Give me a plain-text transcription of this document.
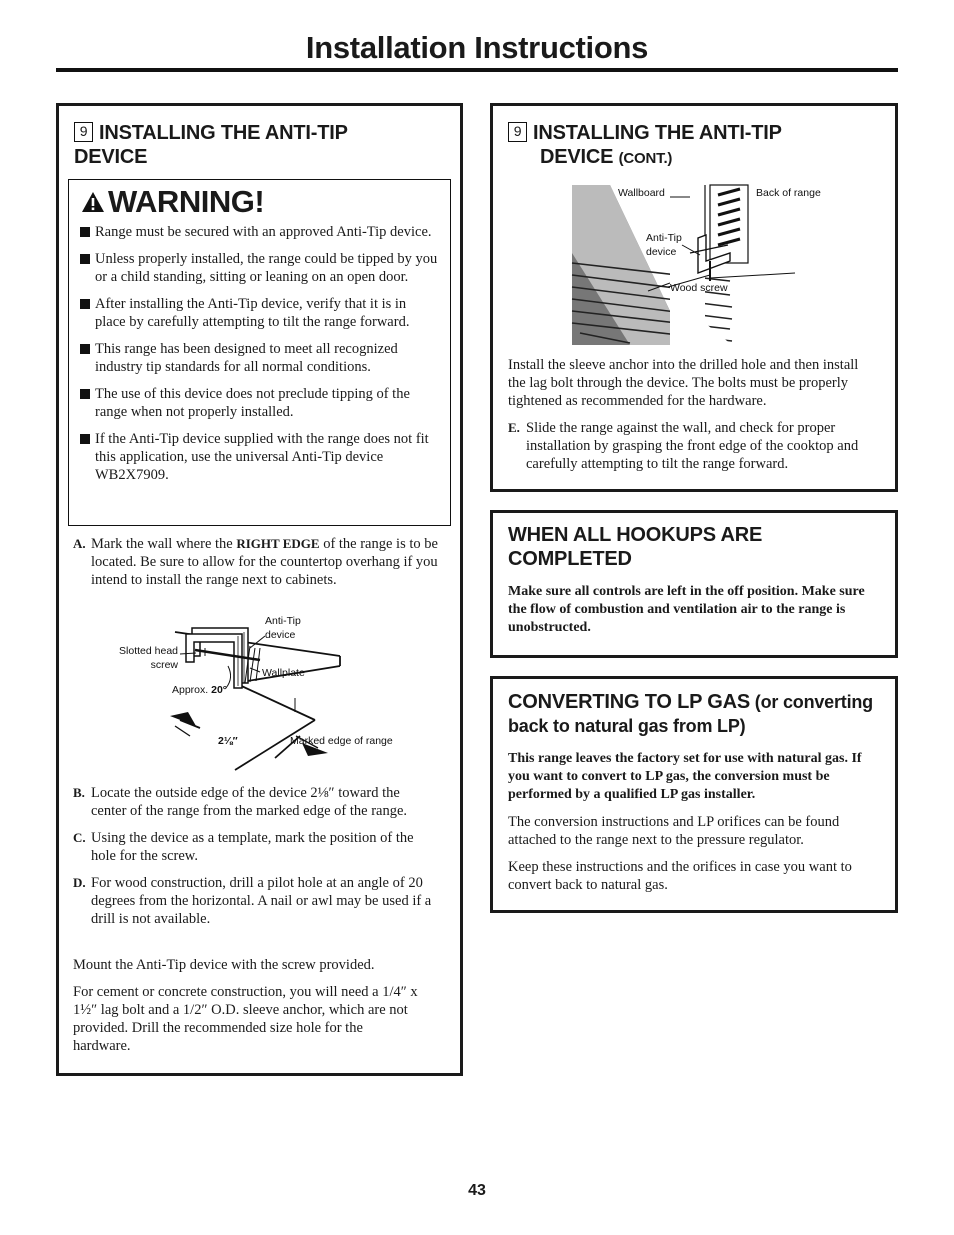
Installation Instructions
9 INSTALLING THE ANTI-TIP DEVICE
WARNING!
Range must be secured with an approved Anti-Tip device.
Unless properly installed, the range could be tipped by you or a child standing, sitting or leaning on an open door.
After installing the Anti-Tip device, verify that it is in place by carefully attempting to tilt the range forward.
This range has been designed to meet all recognized industry tip standards for all normal conditions.
The use of this device does not preclude tipping of the range when not properly installed.
If the Anti-Tip device supplied with the range does not fit this application, use the universal Anti-Tip device WB2X7909.
A. Mark the wall where the RIGHT EDGE of the range is to be located. Be sure to allow for the countertop overhang if you intend to install the range next to cabinets.
Anti-Tip
device
Slotted head
screw
Wallplate
Approx. 20°
2⅛″	Marked edge of range
B. Locate the outside edge of the device 2⅛″ toward the center of the range from the marked edge of the range.
C. Using the device as a template, mark the position of the hole for the screw.
D. For wood construction, drill a pilot hole at an angle of 20 degrees from the horizontal. A nail or awl may be used if a drill is not available.
Mount the Anti-Tip device with the screw provided.
For cement or concrete construction, you will need a 1/4″ x 1½″ lag bolt and a 1/2″ O.D. sleeve anchor, which are not provided. Drill the recommended size hole for the hardware.
9 INSTALLING THE ANTI-TIP
DEVICE (CONT.)
Wallboard	Back of range
Anti-Tip
device
Wood screw
Install the sleeve anchor into the drilled hole and then install the lag bolt through the device. The bolts must be properly tightened as recommended for the hardware.
E. Slide the range against the wall, and check for proper installation by grasping the front edge of the cooktop and carefully attempting to tilt the range forward.
WHEN ALL HOOKUPS ARE COMPLETED
Make sure all controls are left in the off position. Make sure the flow of combustion and ventilation air to the range is unobstructed.
CONVERTING TO LP GAS (or converting back to natural gas from LP)
This range leaves the factory set for use with natural gas. If you want to convert to LP gas, the conversion must be performed by a qualified LP gas installer.
The conversion instructions and LP orifices can be found attached to the range next to the pressure regulator.
Keep these instructions and the orifices in case you want to convert back to natural gas.
43
